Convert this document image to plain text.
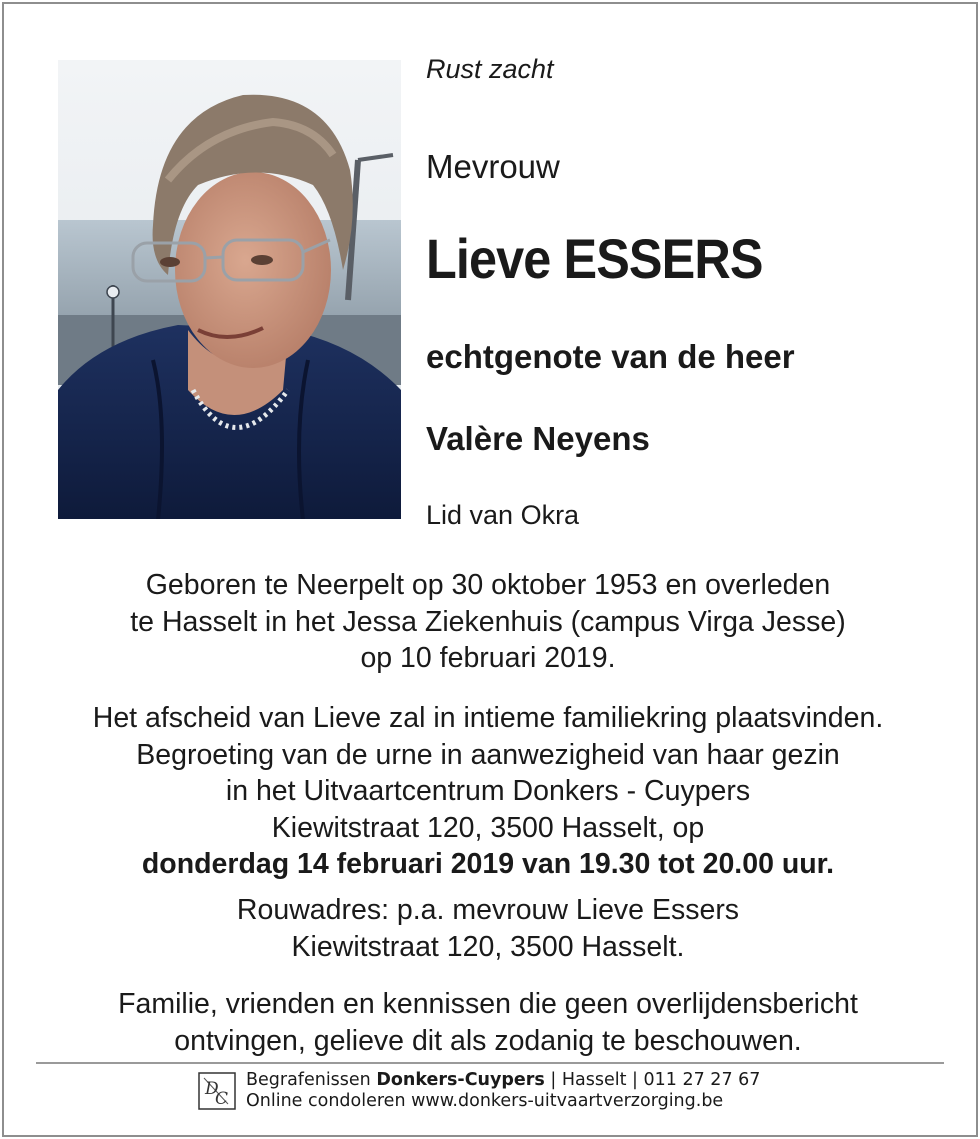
Rust zacht
Mevrouw
Lieve ESSERS
echtgenote van de heer
Valère Neyens
Lid van Okra
Geboren te Neerpelt op 30 oktober 1953 en overleden
te Hasselt in het Jessa Ziekenhuis (campus Virga Jesse)
op 10 februari 2019.
Het afscheid van Lieve zal in intieme familiekring plaatsvinden.
Begroeting van de urne in aanwezigheid van haar gezin
in het Uitvaartcentrum Donkers - Cuypers
Kiewitstraat 120, 3500 Hasselt, op
donderdag 14 februari 2019 van 19.30 tot 20.00 uur.
Rouwadres: p.a. mevrouw Lieve Essers
Kiewitstraat 120, 3500 Hasselt.
Familie, vrienden en kennissen die geen overlijdensbericht
ontvingen, gelieve dit als zodanig te beschouwen.
D
C
Begrafenissen Donkers-Cuypers | Hasselt | 011 27 27 67
Online condoleren www.donkers-uitvaartverzorging.be
